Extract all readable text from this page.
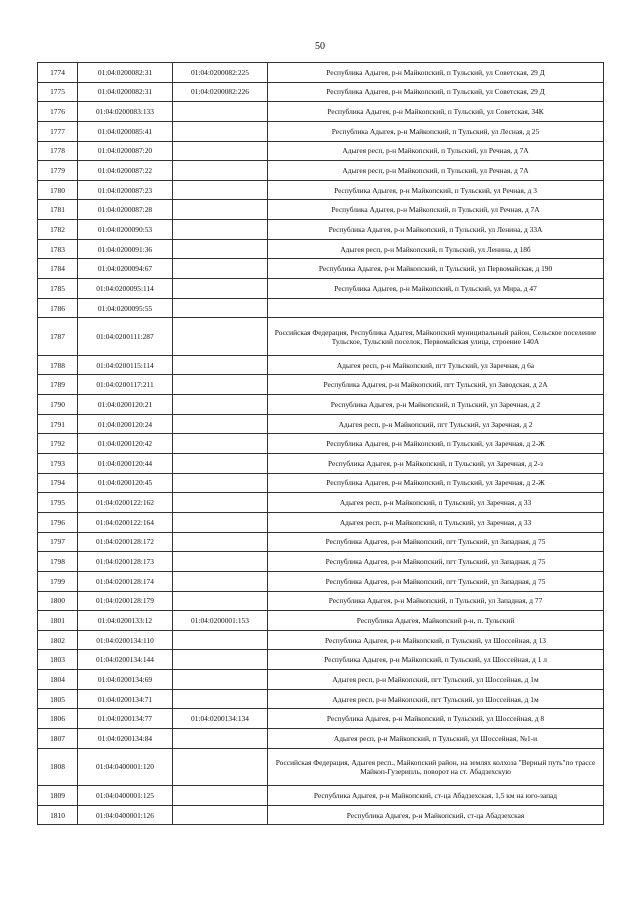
50
1774	01:04:0200082:31	01:04:0200082:225	Республика Адыгея, р-н Майкопский, п Тульский, ул Советская, 29 Д
1775	01:04:0200082:31	01:04:0200082:226	Республика Адыгея, р-н Майкопский, п Тульский, ул Советская, 29 Д
1776	01:04:0200083:133		Республика Адыгея, р-н Майкопский, п Тульский, ул Советская, 34К
1777	01:04:0200085:41		Республика Адыгея, р-н Майкопский, п Тульский, ул Лесная, д 25
1778	01:04:0200087:20		Адыгея респ, р-н Майкопский, п Тульский, ул Речная, д 7А
1779	01:04:0200087:22		Адыгея респ, р-н Майкопский, п Тульский, ул Речная, д 7А
1780	01:04:0200087:23		Республика Адыгея, р-н Майкопский, п Тульский, ул Речная, д 3
1781	01:04:0200087:28		Республика Адыгея, р-н Майкопский, п Тульский, ул Речная, д 7А
1782	01:04:0200090:53		Республика Адыгея, р-н Майкопский, п Тульский, ул Ленина, д 33А
1783	01:04:0200091:36		Адыгея респ, р-н Майкопский, п Тульский, ул Ленина, д 18б
1784	01:04:0200094:67		Республика Адыгея, р-н Майкопский, п Тульский, ул Первомайская, д 190
1785	01:04:0200095:114		Республика Адыгея, р-н Майкопский, п Тульский, ул Мира, д 47
1786	01:04:0200095:55		
1787	01:04:0200111:287		Российская Федерация, Республика Адыгея, Майкопский муниципальный район, Сельское поселение Тульское, Тульский поселок, Первомайская улица, строение 140А
1788	01:04:0200115:114		Адыгея респ, р-н Майкопский, пгт Тульский, ул Заречная, д 6а
1789	01:04:0200117:211		Республика Адыгея, р-н Майкопский, пгт Тульский, ул Заводская, д 2А
1790	01:04:0200120:21		Республика Адыгея, р-н Майкопский, п Тульский, ул Заречная, д 2
1791	01:04:0200120:24		Адыгея респ, р-н Майкопский, пгт Тульский, ул Заречная, д 2
1792	01:04:0200120:42		Республика Адыгея, р-н Майкопский, п Тульский, ул Заречная, д 2-Ж
1793	01:04:0200120:44		Республика Адыгея, р-н Майкопский, п Тульский, ул Заречная, д 2-з
1794	01:04:0200120:45		Республика Адыгея, р-н Майкопский, п Тульский, ул Заречная, д 2-Ж
1795	01:04:0200122:162		Адыгея респ, р-н Майкопский, п Тульский, ул Заречная, д 33
1796	01:04:0200122:164		Адыгея респ, р-н Майкопский, п Тульский, ул Заречная, д 33
1797	01:04:0200128:172		Республика Адыгея, р-н Майкопский, пгт Тульский, ул Западная, д 75
1798	01:04:0200128:173		Республика Адыгея, р-н Майкопский, пгт Тульский, ул Западная, д 75
1799	01:04:0200128:174		Республика Адыгея, р-н Майкопский, пгт Тульский, ул Западная, д 75
1800	01:04:0200128:179		Республика Адыгея, р-н Майкопский, п Тульский, ул Западная, д 77
1801	01:04:0200133:12	01:04:0200001:153	Республика Адыгея, Майкопский р-н, п. Тульский
1802	01:04:0200134:110		Республика Адыгея, р-н Майкопский, п Тульский, ул Шоссейная, д 13
1803	01:04:0200134:144		Республика Адыгея, р-н Майкопский, п Тульский, ул Шоссейная, д 1 л
1804	01:04:0200134:69		Адыгея респ, р-н Майкопский, пгт Тульский, ул Шоссейная, д 1м
1805	01:04:0200134:71		Адыгея респ, р-н Майкопский, пгт Тульский, ул Шоссейная, д 1м
1806	01:04:0200134:77	01:04:0200134:134	Республика Адыгея, р-н Майкопский, п Тульский, ул Шоссейная, д 8
1807	01:04:0200134:84		Адыгея респ, р-н Майкопский, п Тульский, ул Шоссейная, №1-и
1808	01:04:0400001:120		Российская Федерация, Адыгея респ., Майкопский район, на землях колхоза "Верный путь"по трассе Майкоп-Гузерипль, поворот на ст. Абадзехскую
1809	01:04:0400001:125		Республика Адыгея, р-н Майкопский, ст-ца Абадзехская, 1,5 км на юго-запад
1810	01:04:0400001:126		Республика Адыгея, р-н Майкопский, ст-ца Абадзехская
